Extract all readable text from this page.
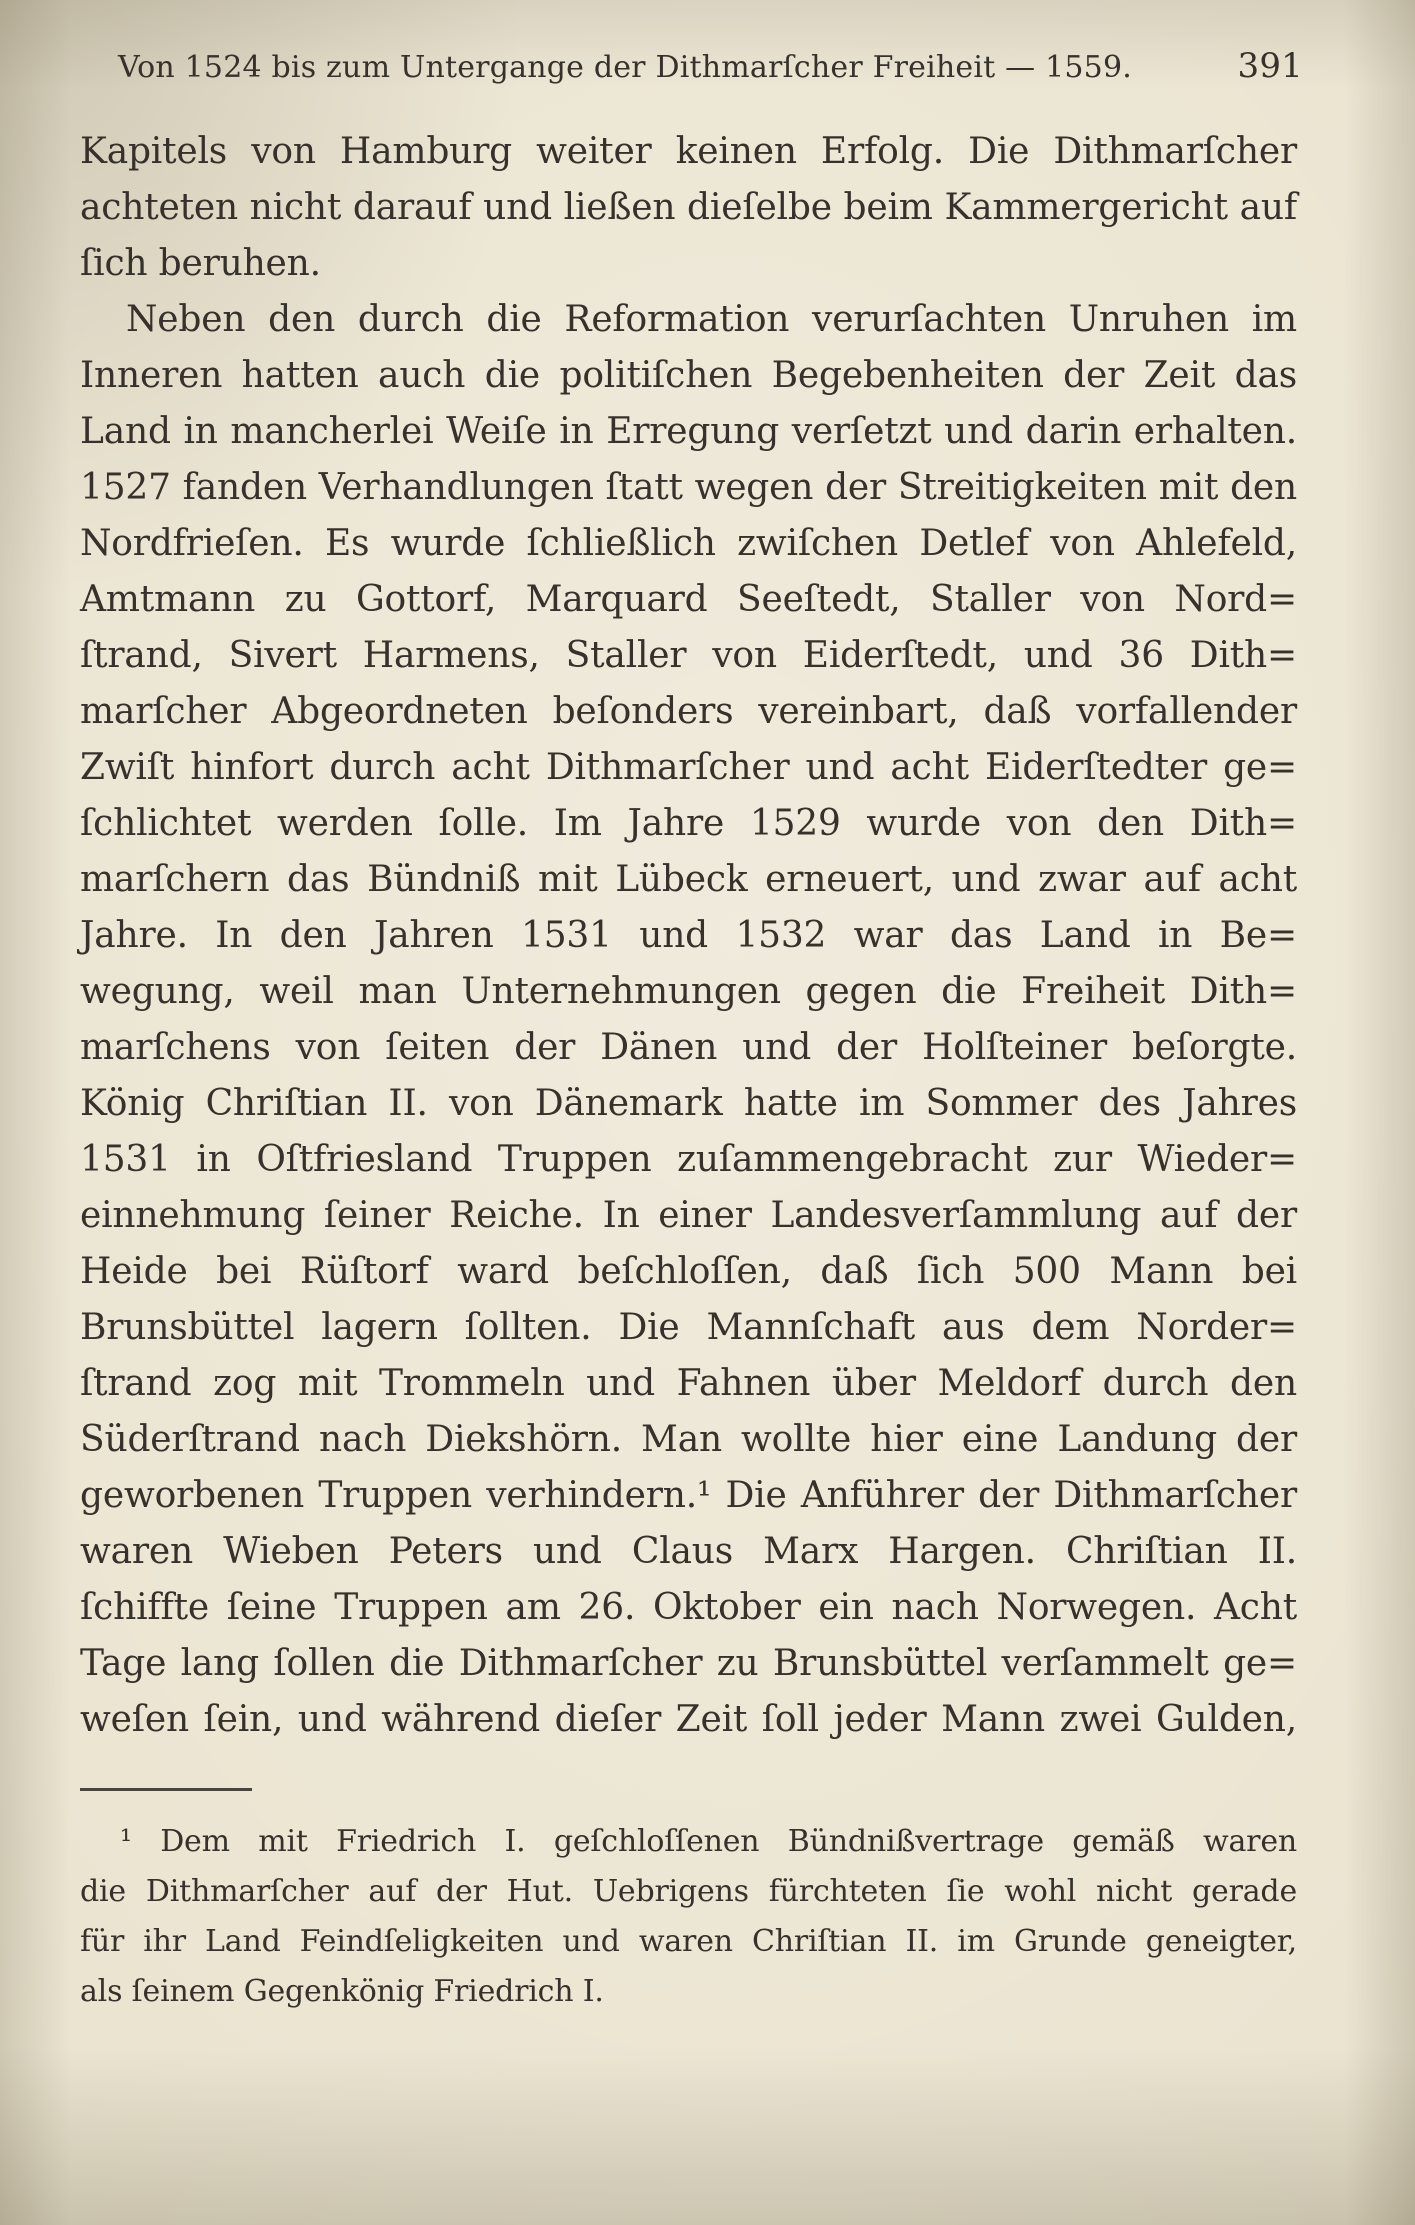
Von 1524 bis zum Untergange der Dithmarſcher Freiheit — 1559.	391
Kapitels von Hamburg weiter keinen Erfolg. Die Dithmarſcher
achteten nicht darauf und ließen dieſelbe beim Kammergericht auf
ſich beruhen.
Neben den durch die Reformation verurſachten Unruhen im
Inneren hatten auch die politiſchen Begebenheiten der Zeit das
Land in mancherlei Weiſe in Erregung verſetzt und darin erhalten.
1527 fanden Verhandlungen ſtatt wegen der Streitigkeiten mit den
Nordfrieſen. Es wurde ſchließlich zwiſchen Detlef von Ahlefeld,
Amtmann zu Gottorf, Marquard Seeſtedt, Staller von Nord=
ſtrand, Sivert Harmens, Staller von Eiderſtedt, und 36 Dith=
marſcher Abgeordneten beſonders vereinbart, daß vorfallender
Zwiſt hinfort durch acht Dithmarſcher und acht Eiderſtedter ge=
ſchlichtet werden ſolle. Im Jahre 1529 wurde von den Dith=
marſchern das Bündniß mit Lübeck erneuert, und zwar auf acht
Jahre. In den Jahren 1531 und 1532 war das Land in Be=
wegung, weil man Unternehmungen gegen die Freiheit Dith=
marſchens von ſeiten der Dänen und der Holſteiner beſorgte.
König Chriſtian II. von Dänemark hatte im Sommer des Jahres
1531 in Oſtfriesland Truppen zuſammengebracht zur Wieder=
einnehmung ſeiner Reiche. In einer Landesverſammlung auf der
Heide bei Rüſtorf ward beſchloſſen, daß ſich 500 Mann bei
Brunsbüttel lagern ſollten. Die Mannſchaft aus dem Norder=
ſtrand zog mit Trommeln und Fahnen über Meldorf durch den
Süderſtrand nach Diekshörn. Man wollte hier eine Landung der
geworbenen Truppen verhindern.¹ Die Anführer der Dithmarſcher
waren Wieben Peters und Claus Marx Hargen. Chriſtian II.
ſchiffte ſeine Truppen am 26. Oktober ein nach Norwegen. Acht
Tage lang ſollen die Dithmarſcher zu Brunsbüttel verſammelt ge=
weſen ſein, und während dieſer Zeit ſoll jeder Mann zwei Gulden,
¹ Dem mit Friedrich I. geſchloſſenen Bündnißvertrage gemäß waren
die Dithmarſcher auf der Hut. Uebrigens fürchteten ſie wohl nicht gerade
für ihr Land Feindſeligkeiten und waren Chriſtian II. im Grunde geneigter,
als ſeinem Gegenkönig Friedrich I.
